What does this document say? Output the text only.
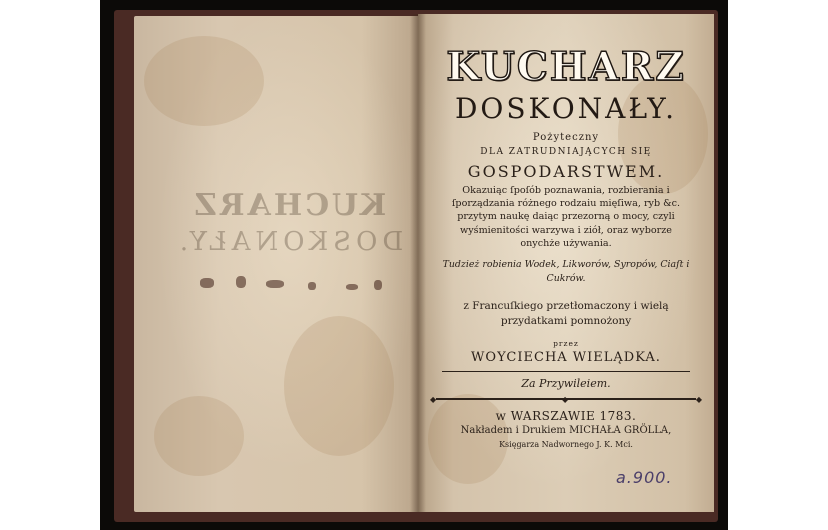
KUCHARZ
DOSKONAŁY.
KUCHARZ
DOSKONAŁY.
Pożyteczny
DLA ZATRUDNIAJĄCYCH SIĘ
GOSPODARSTWEM.
Okazuiąc ſpoſób poznawania, rozbierania i ſporządzania różnego rodzaiu mięſiwa, ryb &c. przytym naukę daiąc przezorną o mocy, czyli wyśmienitości warzywa i ziół, oraz wyborze onychże używania.
Tudzież robienia Wodek, Likworów, Syropów, Ciaſt i Cukrów.
z Francuſkiego przetłomaczony i wielą przydatkami pomnożony
przez
WOYCIECHA WIELĄDKA.
Za Przywileiem.
◆	◆	◆
w WARSZAWIE 1783.
Nakładem i Drukiem MICHAŁA GRÖLLA,
Księgarza Nadwornego J. K. Mci.
a.900.
